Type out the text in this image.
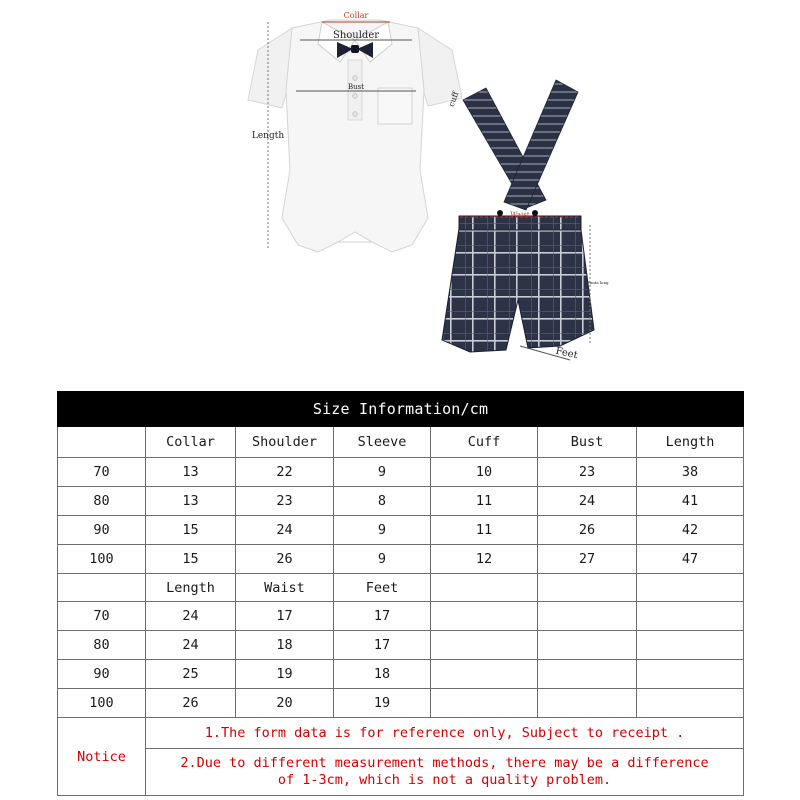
Collar
Shoulder
Bust
cuff
Length
Waist
Pants long
Feet
Size Information/cm						
	Collar	Shoulder	Sleeve	Cuff	Bust	Length
70	13	22	9	10	23	38
80	13	23	8	11	24	41
90	15	24	9	11	26	42
100	15	26	9	12	27	47
	Length	Waist	Feet			
70	24	17	17			
80	24	18	17			
90	25	19	18			
100	26	20	19			
Notice	1.The form data is for reference only, Subject to receipt .					

	2.Due to different measurement methods, there may be a difference
of 1-3cm, which is not a quality problem.					
